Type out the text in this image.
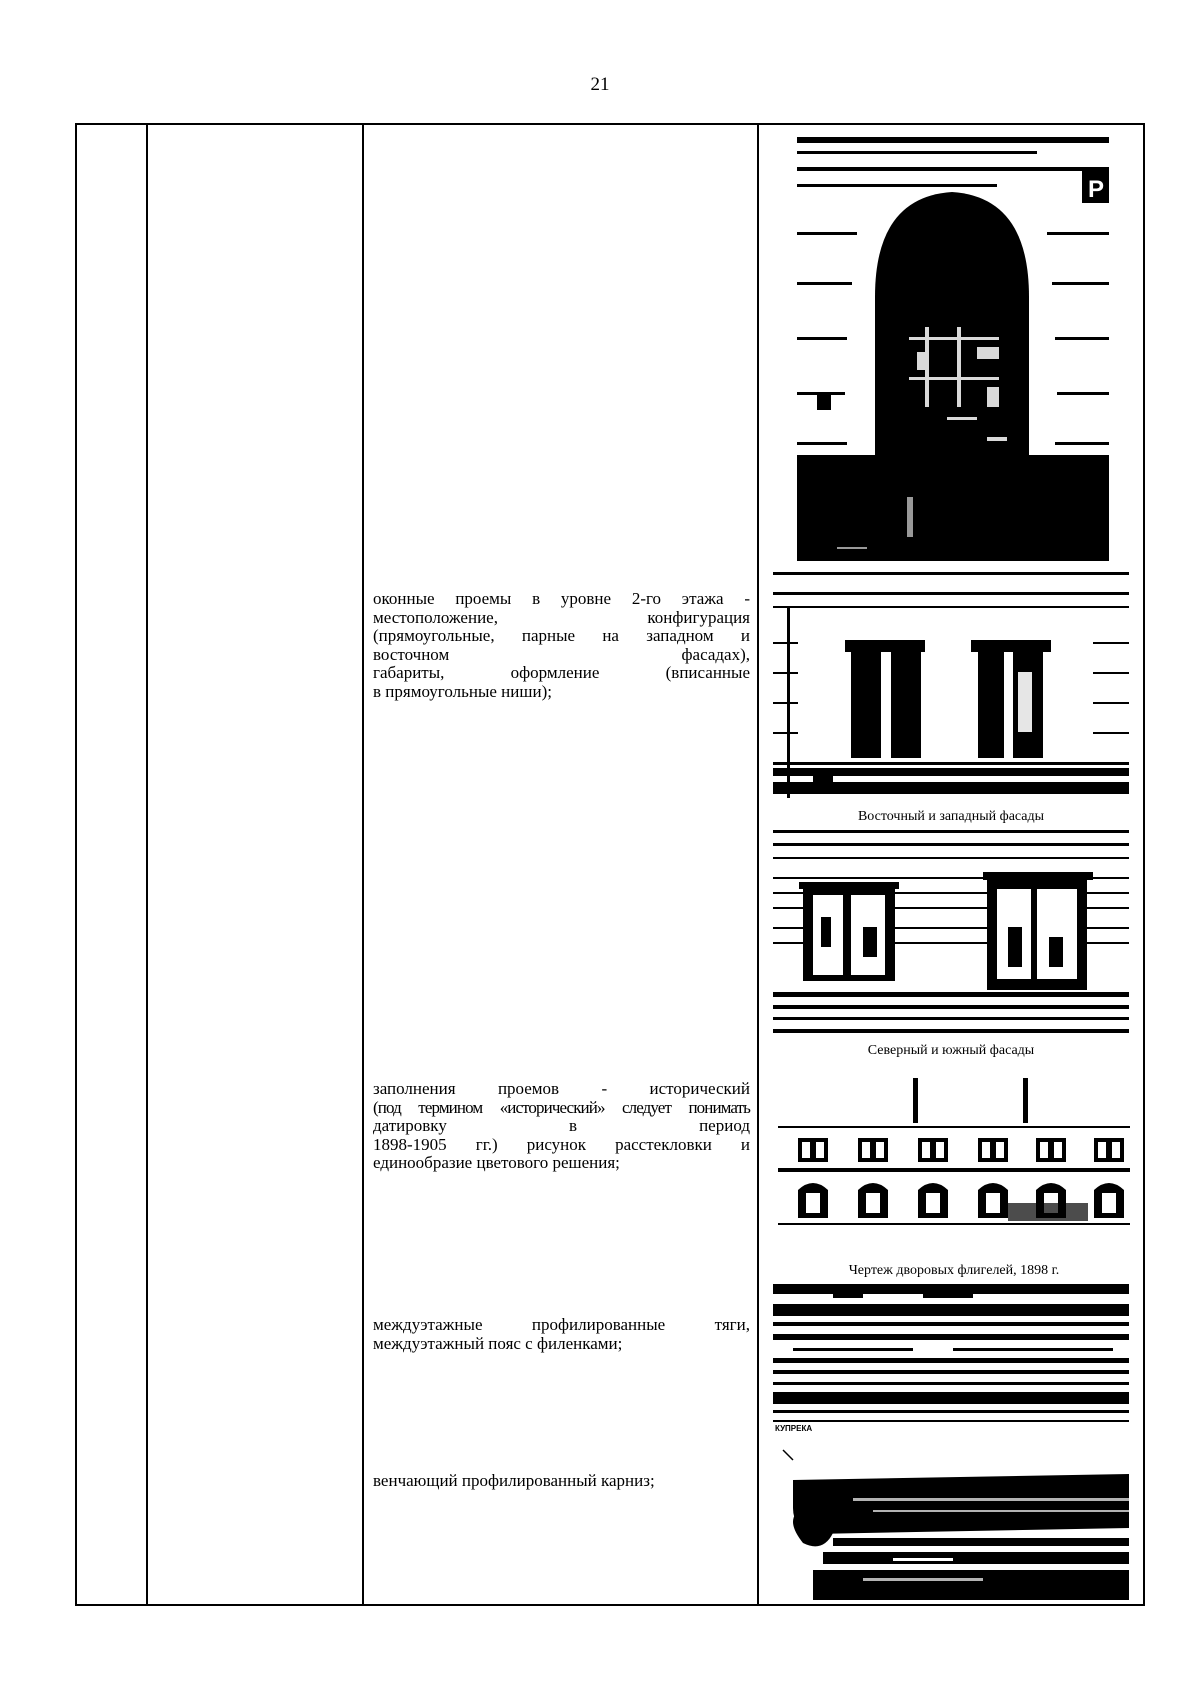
21
оконные проемы в уровне 2-го этажа -
местоположение, конфигурация
(прямоугольные, парные на западном и
восточном фасадах),
габариты, оформление (вписанные
в прямоугольные ниши);
заполнения проемов - исторический
(под термином «исторический» следует понимать
датировку в период
1898-1905 гг.) рисунок расстекловки и
единообразие цветового решения;
междуэтажные профилированные тяги,
междуэтажный пояс с филенками;
венчающий профилированный карниз;
P
Восточный и западный фасады
Северный и южный фасады
Чертеж дворовых флигелей, 1898 г.
КУПРЕКА
